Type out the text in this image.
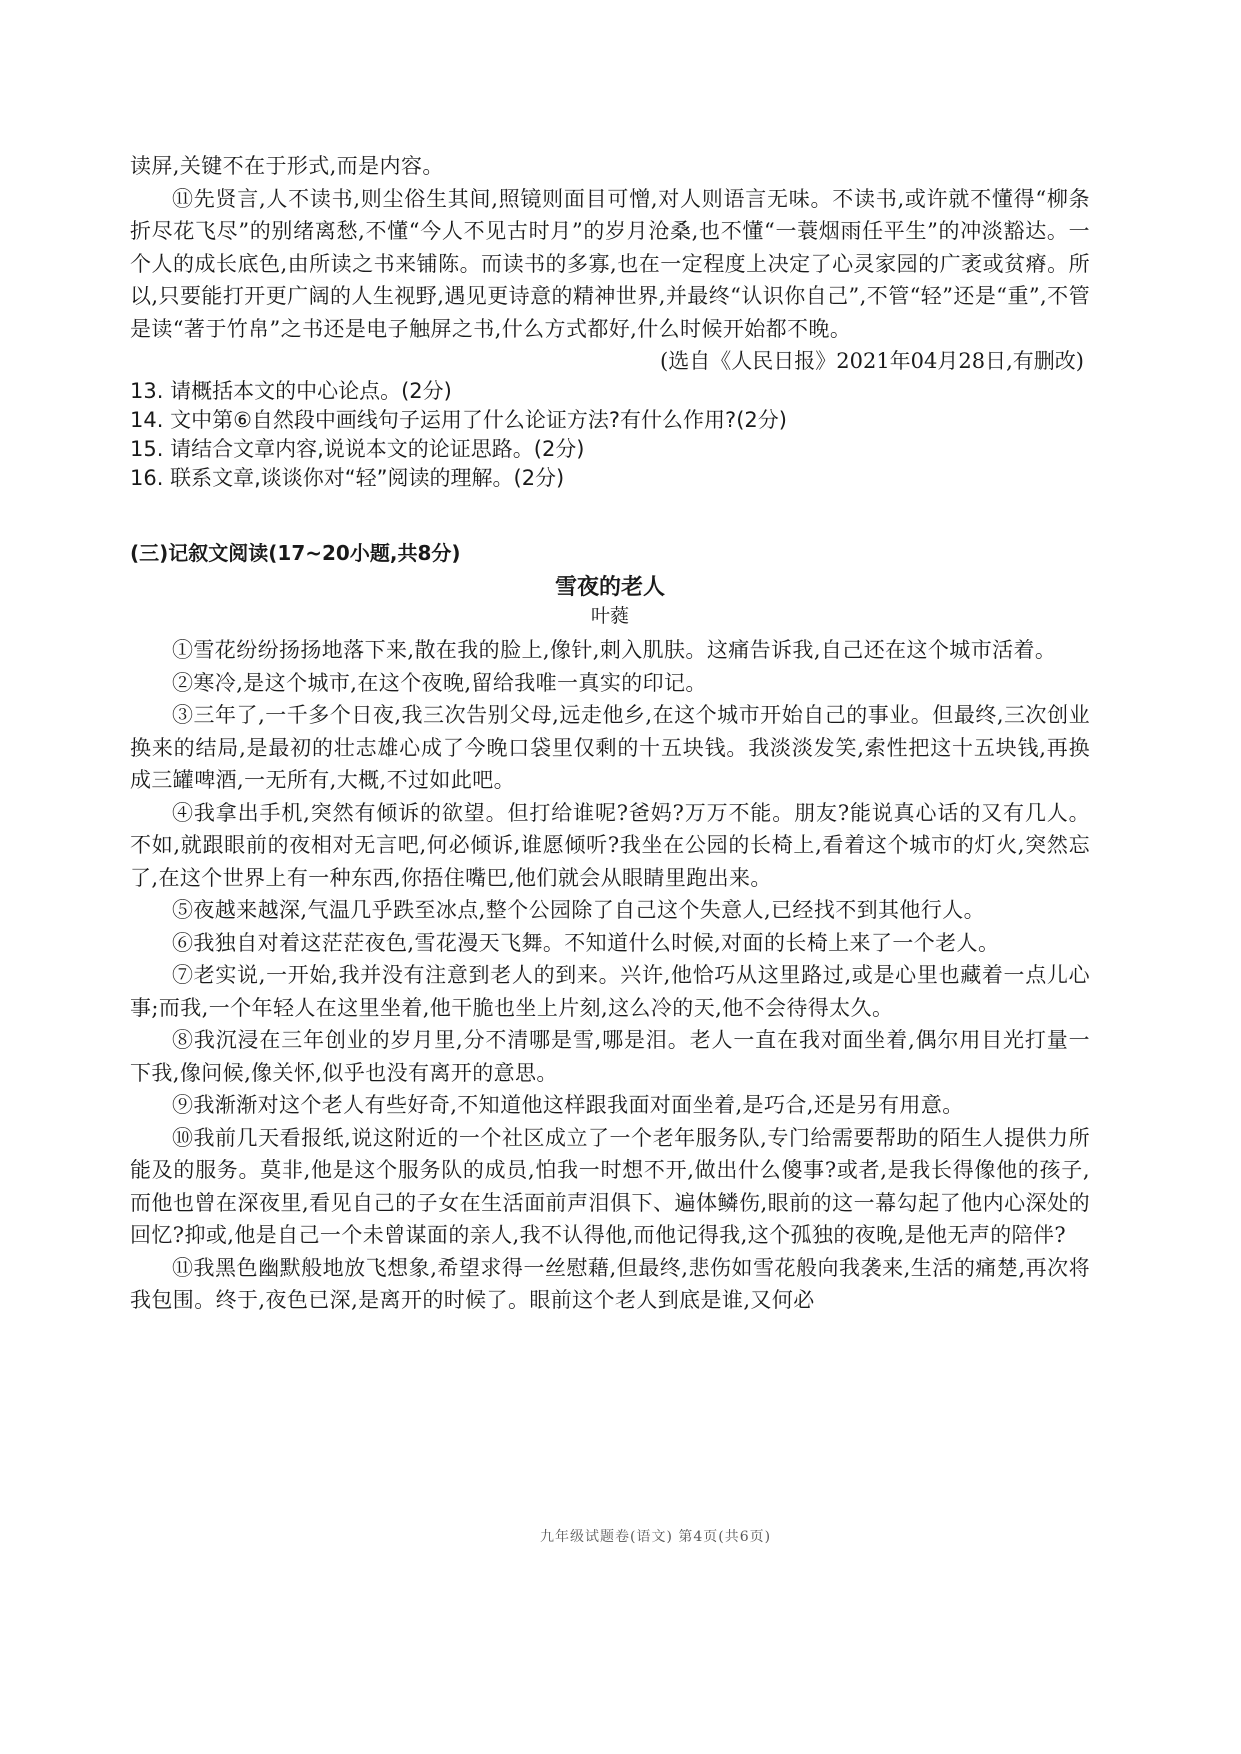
读屏,关键不在于形式,而是内容。

⑪先贤言,人不读书,则尘俗生其间,照镜则面目可憎,对人则语言无味。不读书,或许就不懂得“柳条折尽花飞尽”的别绪离愁,不懂“今人不见古时月”的岁月沧桑,也不懂“一蓑烟雨任平生”的冲淡豁达。一个人的成长底色,由所读之书来铺陈。而读书的多寡,也在一定程度上决定了心灵家园的广袤或贫瘠。所以,只要能打开更广阔的人生视野,遇见更诗意的精神世界,并最终“认识你自己”,不管“轻”还是“重”,不管是读“著于竹帛”之书还是电子触屏之书,什么方式都好,什么时候开始都不晚。

(选自《人民日报》2021年04月28日,有删改)

13. 请概括本文的中心论点。(2分)

14. 文中第⑥自然段中画线句子运用了什么论证方法?有什么作用?(2分)

15. 请结合文章内容,说说本文的论证思路。(2分)

16. 联系文章,谈谈你对“轻”阅读的理解。(2分)

(三)记叙文阅读(17~20小题,共8分)

雪夜的老人

叶蕤

①雪花纷纷扬扬地落下来,散在我的脸上,像针,刺入肌肤。这痛告诉我,自己还在这个城市活着。

②寒冷,是这个城市,在这个夜晚,留给我唯一真实的印记。

③三年了,一千多个日夜,我三次告别父母,远走他乡,在这个城市开始自己的事业。但最终,三次创业换来的结局,是最初的壮志雄心成了今晚口袋里仅剩的十五块钱。我淡淡发笑,索性把这十五块钱,再换成三罐啤酒,一无所有,大概,不过如此吧。

④我拿出手机,突然有倾诉的欲望。但打给谁呢?爸妈?万万不能。朋友?能说真心话的又有几人。不如,就跟眼前的夜相对无言吧,何必倾诉,谁愿倾听?我坐在公园的长椅上,看着这个城市的灯火,突然忘了,在这个世界上有一种东西,你捂住嘴巴,他们就会从眼睛里跑出来。

⑤夜越来越深,气温几乎跌至冰点,整个公园除了自己这个失意人,已经找不到其他行人。

⑥我独自对着这茫茫夜色,雪花漫天飞舞。不知道什么时候,对面的长椅上来了一个老人。

⑦老实说,一开始,我并没有注意到老人的到来。兴许,他恰巧从这里路过,或是心里也藏着一点儿心事;而我,一个年轻人在这里坐着,他干脆也坐上片刻,这么冷的天,他不会待得太久。

⑧我沉浸在三年创业的岁月里,分不清哪是雪,哪是泪。老人一直在我对面坐着,偶尔用目光打量一下我,像问候,像关怀,似乎也没有离开的意思。

⑨我渐渐对这个老人有些好奇,不知道他这样跟我面对面坐着,是巧合,还是另有用意。

⑩我前几天看报纸,说这附近的一个社区成立了一个老年服务队,专门给需要帮助的陌生人提供力所能及的服务。莫非,他是这个服务队的成员,怕我一时想不开,做出什么傻事?或者,是我长得像他的孩子,而他也曾在深夜里,看见自己的子女在生活面前声泪俱下、遍体鳞伤,眼前的这一幕勾起了他内心深处的回忆?抑或,他是自己一个未曾谋面的亲人,我不认得他,而他记得我,这个孤独的夜晚,是他无声的陪伴?

⑪我黑色幽默般地放飞想象,希望求得一丝慰藉,但最终,悲伤如雪花般向我袭来,生活的痛楚,再次将我包围。终于,夜色已深,是离开的时候了。眼前这个老人到底是谁,又何必

九年级试题卷(语文) 第4页(共6页)
